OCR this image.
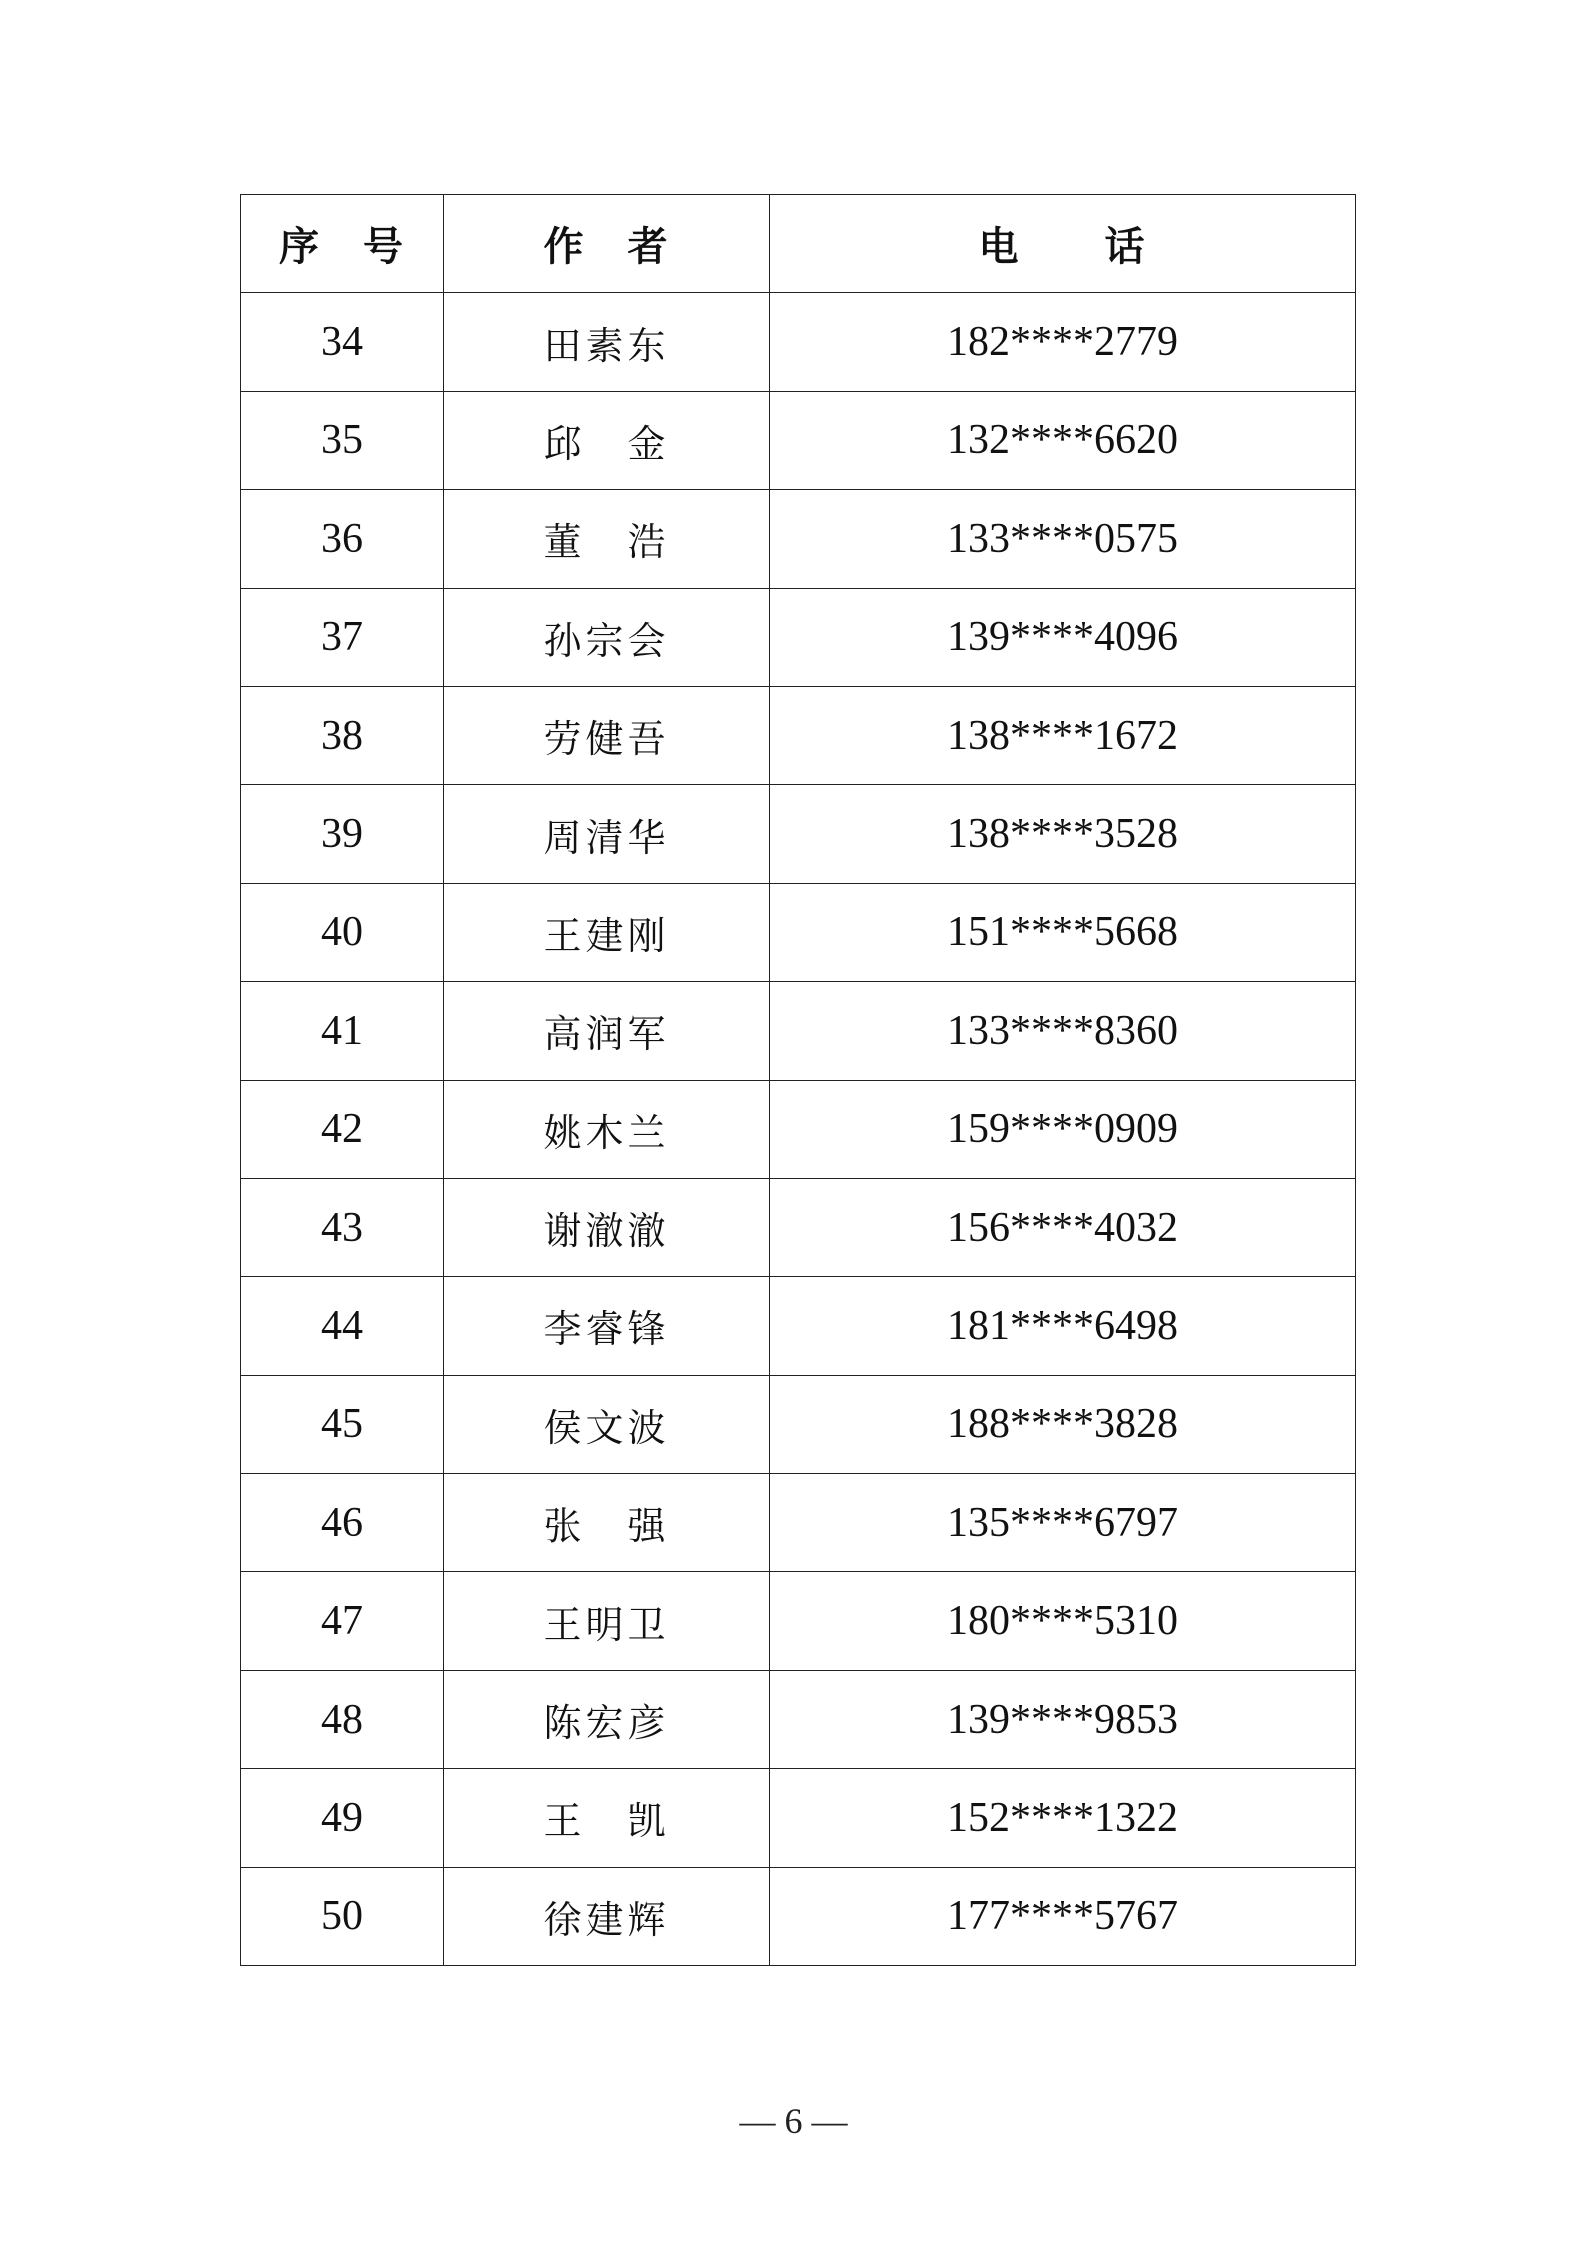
序　号	作　者	电　　话
34	田素东	182****2779
35	邱　金	132****6620
36	董　浩	133****0575
37	孙宗会	139****4096
38	劳健吾	138****1672
39	周清华	138****3528
40	王建刚	151****5668
41	高润军	133****8360
42	姚木兰	159****0909
43	谢澈澈	156****4032
44	李睿锋	181****6498
45	侯文波	188****3828
46	张　强	135****6797
47	王明卫	180****5310
48	陈宏彦	139****9853
49	王　凯	152****1322
50	徐建辉	177****5767
— 6 —
